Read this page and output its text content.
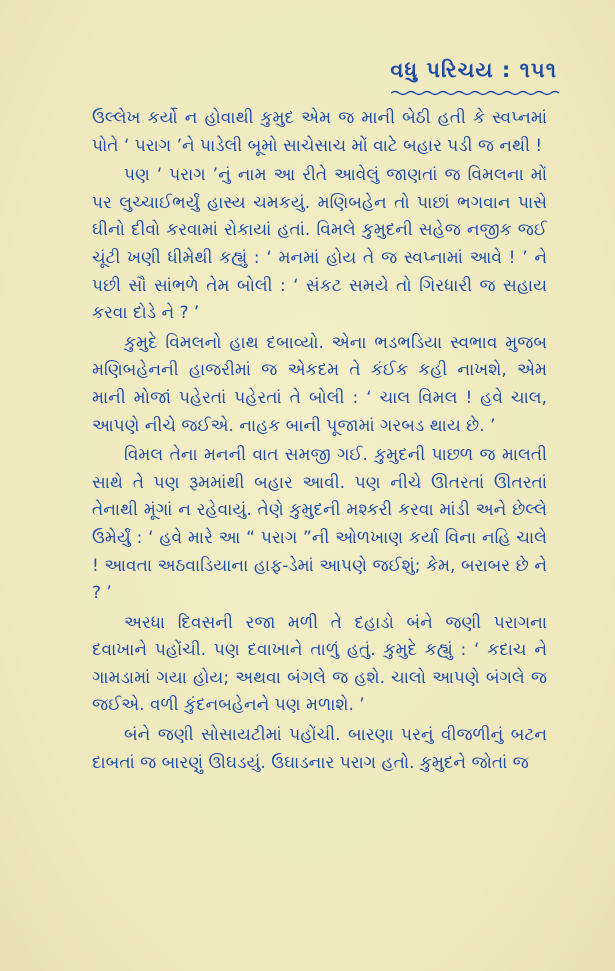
વધુ પરિચય : ૧૫૧

ઉલ્લેખ કર્યો ન હોવાથી કુમુદ એમ જ માની બેઠી હતી કે સ્વપ્નમાં પોતે ‘ પરાગ ’ને પાડેલી બૂમો સાચેસાચ મોં વાટે બહાર પડી જ નથી !

પણ ‘ પરાગ ’નું નામ આ રીતે આવેલું જાણતાં જ વિમલના મોં પર લુચ્ચાઈભર્યું હાસ્ય ચમકયું. મણિબહેન તો પાછાં ભગવાન પાસે ઘીનો દીવો કરવામાં રોકાયાં હતાં. વિમલે કુમુદની સહેજ નજીક જઈ ચૂંટી ખણી ધીમેથી કહ્યું : ‘ મનમાં હોય તે જ સ્વપ્નામાં આવે ! ’ ને પછી સૌ સાંભળે તેમ બોલી : ‘ સંકટ સમયે તો ગિરધારી જ સહાય કરવા દોડે ને ? ’

કુમુદે વિમલનો હાથ દબાવ્યો. એના ભડભડિયા સ્વભાવ મુજબ મણિબહેનની હાજરીમાં જ એકદમ તે કંઈક કહી નાખશે, એમ માની મોજાં પહેરતાં પહેરતાં તે બોલી : ‘ ચાલ વિમલ ! હવે ચાલ, આપણે નીચે જઈએ. નાહક બાની પૂજામાં ગરબડ થાય છે. ’

વિમલ તેના મનની વાત સમજી ગઈ. કુમુદની પાછળ જ માલતી સાથે તે પણ રૂમમાંથી બહાર આવી. પણ નીચે ઊતરતાં ઊતરતાં તેનાથી મૂંગાં ન રહેવાયું. તેણે કુમુદની મશ્કરી કરવા માંડી અને છેલ્લે ઉમેર્યું : ‘ હવે મારે આ “ પરાગ ”ની ઓળખાણ કર્યા વિના નહિ ચાલે ! આવતા અઠવાડિયાના હાફ-ડેમાં આપણે જઈશું; કેમ, બરાબર છે ને ? ’

અરધા દિવસની રજા મળી તે દહાડો બંને જણી પરાગના દવાખાને પહોંચી. પણ દવાખાને તાળું હતું. કુમુદે કહ્યું : ‘ કદાચ ને ગામડામાં ગયા હોય; અથવા બંગલે જ હશે. ચાલો આપણે બંગલે જ જઈએ. વળી કુંદનબહેનને પણ મળાશે. ’

બંને જણી સોસાયટીમાં પહોંચી. બારણા પરનું વીજળીનું બટન દાબતાં જ બારણું ઊઘડયું. ઉઘાડનાર પરાગ હતો. કુમુદને જોતાં જ
